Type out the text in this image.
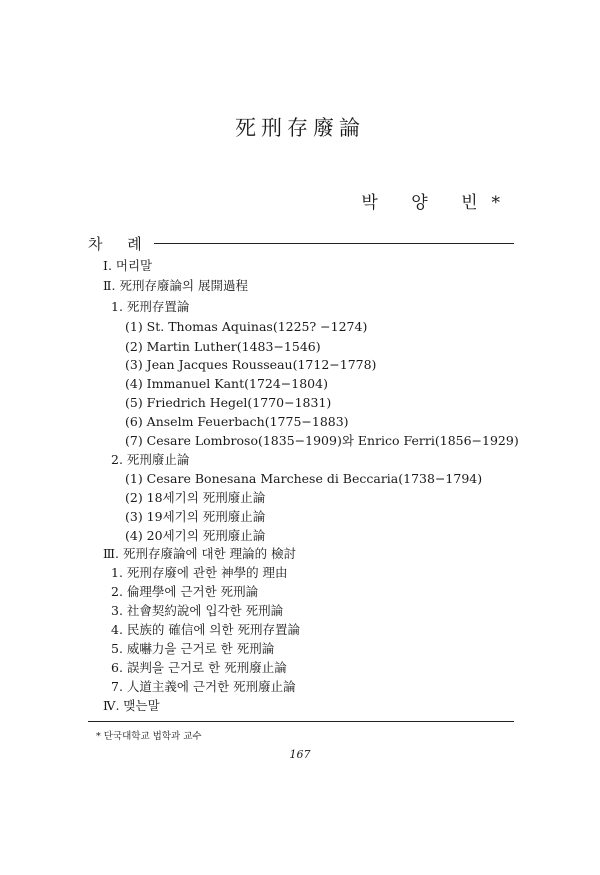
死刑存廢論
박 양 빈*
차 례
Ⅰ. 머리말
Ⅱ. 死刑存廢論의 展開過程
1. 死刑存置論
(1) St. Thomas Aquinas(1225? −1274)
(2) Martin Luther(1483−1546)
(3) Jean Jacques Rousseau(1712−1778)
(4) Immanuel Kant(1724−1804)
(5) Friedrich Hegel(1770−1831)
(6) Anselm Feuerbach(1775−1883)
(7) Cesare Lombroso(1835−1909)와 Enrico Ferri(1856−1929)
2. 死刑廢止論
(1) Cesare Bonesana Marchese di Beccaria(1738−1794)
(2) 18세기의 死刑廢止論
(3) 19세기의 死刑廢止論
(4) 20세기의 死刑廢止論
Ⅲ. 死刑存廢論에 대한 理論的 檢討
1. 死刑存廢에 관한 神學的 理由
2. 倫理學에 근거한 死刑論
3. 社會契約說에 입각한 死刑論
4. 民族的 確信에 의한 死刑存置論
5. 威嚇力을 근거로 한 死刑論
6. 誤判을 근거로 한 死刑廢止論
7. 人道主義에 근거한 死刑廢止論
Ⅳ. 맺는말
* 단국대학교 법학과 교수
167
